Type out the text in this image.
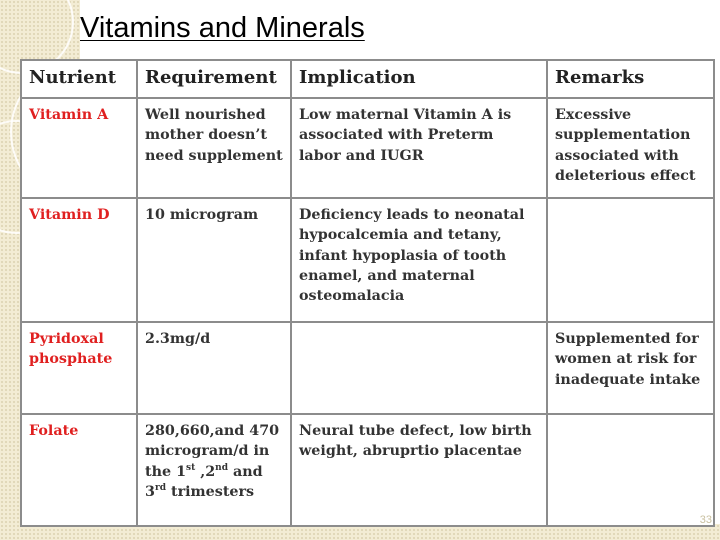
Vitamins and Minerals
Nutrient	Requirement	Implication	Remarks
Vitamin A	Well nourished mother doesn’t need supplement	Low maternal Vitamin A is associated with Preterm labor and IUGR	Excessive supplementation associated with deleterious effect
Vitamin D	10 microgram	Deficiency leads to neonatal hypocalcemia and tetany, infant hypoplasia of tooth enamel, and maternal osteomalacia	
Pyridoxal phosphate	2.3mg/d		Supplemented for women at risk for inadequate intake
Folate	280,660,and 470 microgram/d in the 1st ,2nd and 3rd trimesters	Neural tube defect, low birth weight, abruprtio placentae	
33
